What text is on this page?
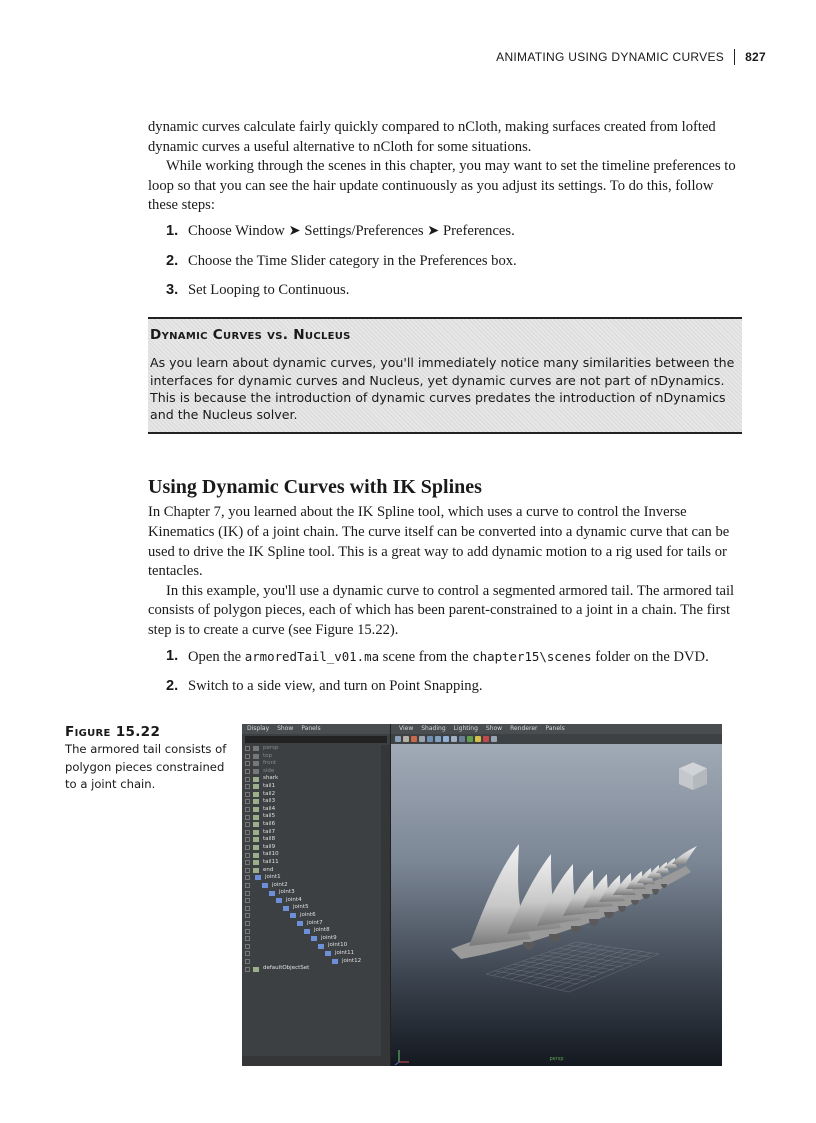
ANIMATING USING DYNAMIC CURVES 827

dynamic curves calculate fairly quickly compared to nCloth, making surfaces created from lofted dynamic curves a useful alternative to nCloth for some situations.

While working through the scenes in this chapter, you may want to set the timeline preferences to loop so that you can see the hair update continuously as you adjust its settings. To do this, follow these steps:

1. Choose Window ➤ Settings/Preferences ➤ Preferences.
2. Choose the Time Slider category in the Preferences box.
3. Set Looping to Continuous.
Dynamic Curves vs. Nucleus
As you learn about dynamic curves, you'll immediately notice many similarities between the interfaces for dynamic curves and Nucleus, yet dynamic curves are not part of nDynamics. This is because the introduction of dynamic curves predates the introduction of nDynamics and the Nucleus solver.
Using Dynamic Curves with IK Splines

In Chapter 7, you learned about the IK Spline tool, which uses a curve to control the Inverse Kinematics (IK) of a joint chain. The curve itself can be converted into a dynamic curve that can be used to drive the IK Spline tool. This is a great way to add dynamic motion to a rig used for tails or tentacles.

In this example, you'll use a dynamic curve to control a segmented armored tail. The armored tail consists of polygon pieces, each of which has been parent-constrained to a joint in a chain. The first step is to create a curve (see Figure 15.22).

1. Open the armoredTail_v01.ma scene from the chapter15\scenes folder on the DVD.
2. Switch to a side view, and turn on Point Snapping.
Figure 15.22
The armored tail consists of polygon pieces constrained to a joint chain.
Display Show Panels
persp
top
front
side
shark
tail1
tail2
tail3
tail4
tail5
tail6
tail7
tail8
tail9
tail10
tail11
end
joint1
joint2
joint3
joint4
joint5
joint6
joint7
joint8
joint9
joint10
joint11
joint12
defaultObjectSet
View Shading Lighting Show Renderer Panels
persp
